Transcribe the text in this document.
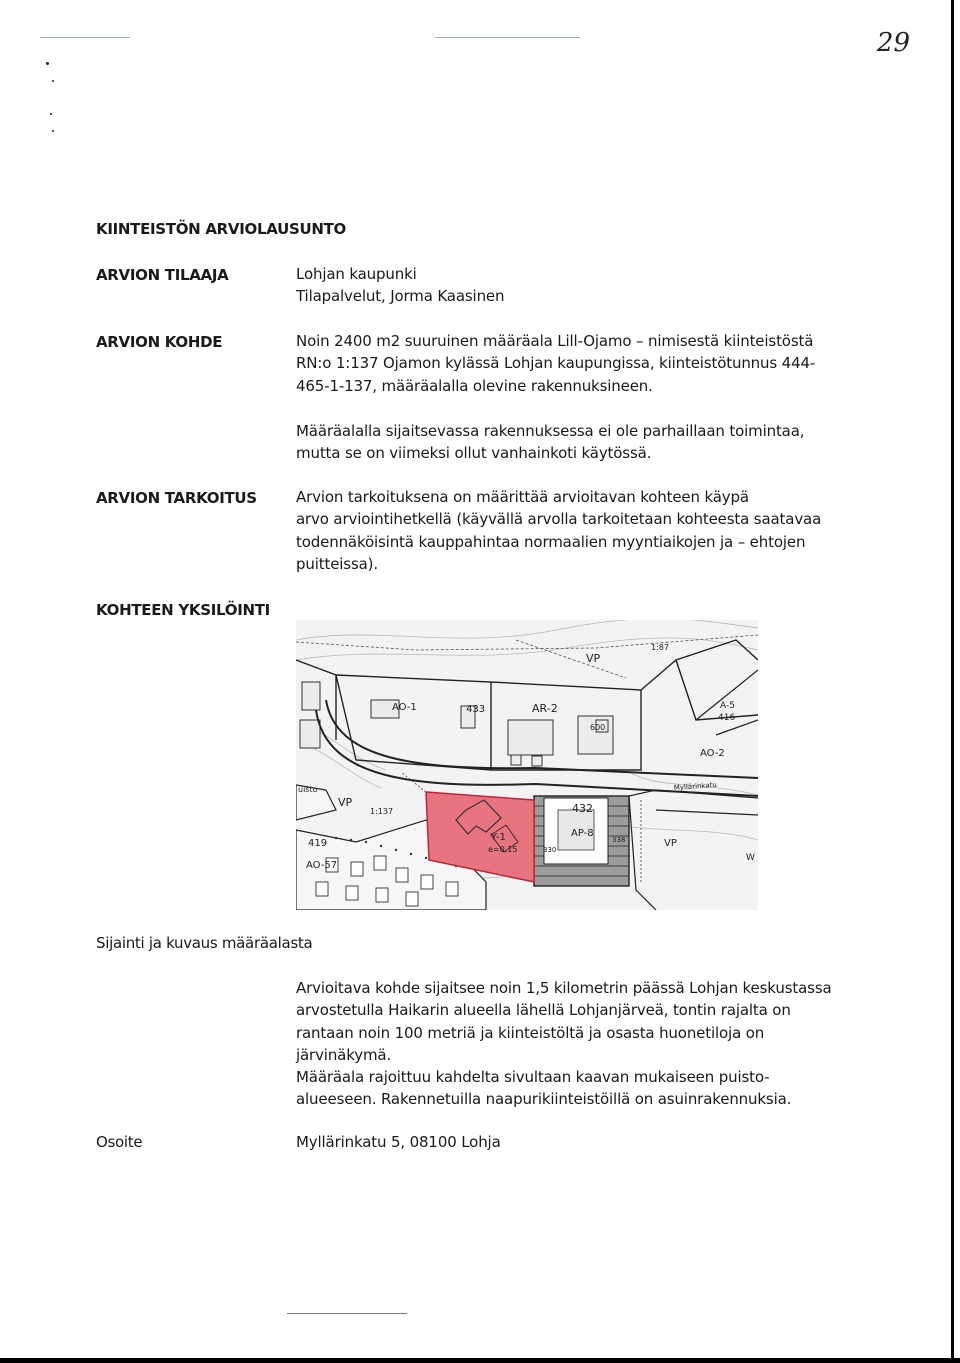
29
KIINTEISTÖN ARVIOLAUSUNTO
ARVION TILAAJA	Lohjan kaupunki
Tilapalvelut, Jorma Kaasinen
ARVION KOHDE	Noin 2400 m2 suuruinen määräala Lill-Ojamo – nimisestä kiinteistöstä
RN:o 1:137 Ojamon kylässä Lohjan kaupungissa, kiinteistötunnus 444-
465-1-137, määräalalla olevine rakennuksineen.
Määräalalla sijaitsevassa rakennuksessa ei ole parhaillaan toimintaa,
mutta se on viimeksi ollut vanhainkoti käytössä.
ARVION TARKOITUS	Arvion tarkoituksena on määrittää arvioitavan kohteen käypä
arvo arviointihetkellä (käyvällä arvolla tarkoitetaan kohteesta saatavaa
todennäköisintä kauppahintaa normaalien myyntiaikojen ja – ehtojen
puitteissa).
KOHTEEN YKSILÖINTI
VP
1:87
AO-1	433	AR-2
600
A-5
416
AO-2
Myllärinkatu
uisto
VP
1:137	432
Y-1
e=0.15
AP-8
330
338
419
AO-57
VP
W
Sijainti ja kuvaus määräalasta
Arvioitava kohde sijaitsee noin 1,5 kilometrin päässä Lohjan keskustassa
arvostetulla Haikarin alueella lähellä Lohjanjärveä, tontin rajalta on
rantaan noin 100 metriä ja kiinteistöltä ja osasta huonetiloja on
järvinäkymä.
Määräala rajoittuu kahdelta sivultaan kaavan mukaiseen puisto-
alueeseen. Rakennetuilla naapurikiinteistöillä on asuinrakennuksia.
Osoite	Myllärinkatu 5, 08100 Lohja
